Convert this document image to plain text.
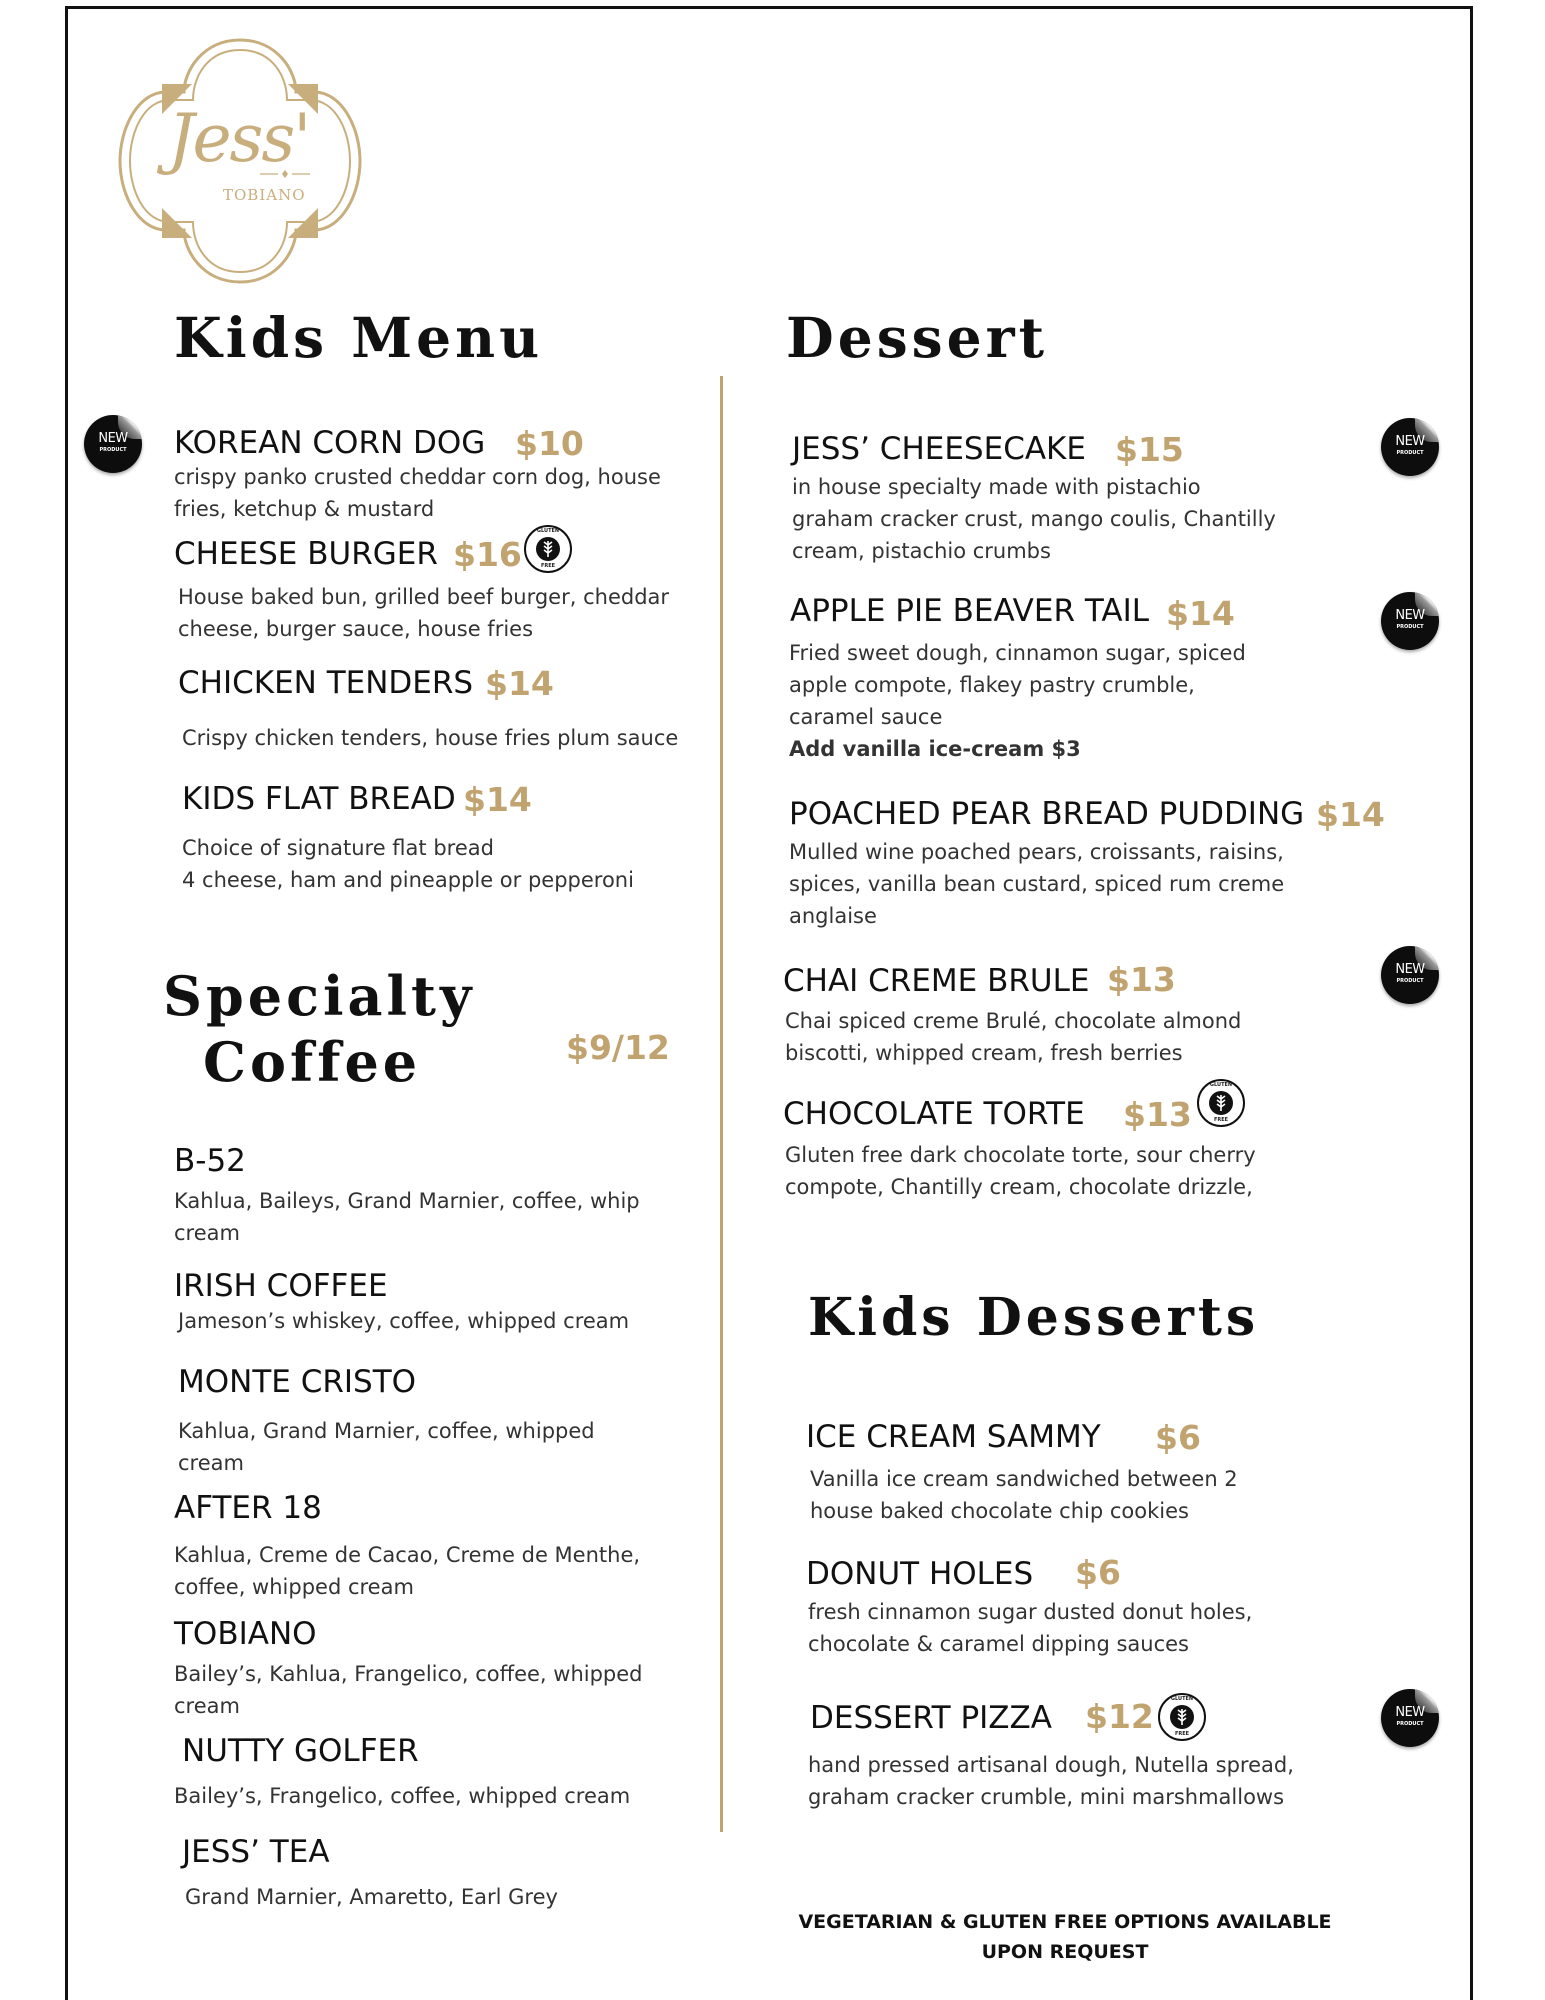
Jess'
TOBIANO
Kids Menu	Dessert
Specialty
Coffee	$9/12
Kids Desserts
KOREAN CORN DOG $10
crispy panko crusted cheddar corn dog, house
fries, ketchup & mustard
CHEESE BURGER $16
House baked bun, grilled beef burger, cheddar
cheese, burger sauce, house fries
CHICKEN TENDERS $14
Crispy chicken tenders, house fries plum sauce
KIDS FLAT BREAD $14
Choice of signature flat bread
4 cheese, ham and pineapple or pepperoni
B-52
Kahlua, Baileys, Grand Marnier, coffee, whip
cream
IRISH COFFEE
Jameson’s whiskey, coffee, whipped cream
MONTE CRISTO
Kahlua, Grand Marnier, coffee, whipped
cream
AFTER 18
Kahlua, Creme de Cacao, Creme de Menthe,
coffee, whipped cream
TOBIANO
Bailey’s, Kahlua, Frangelico, coffee, whipped
cream
NUTTY GOLFER
Bailey’s, Frangelico, coffee, whipped cream
JESS’ TEA
Grand Marnier, Amaretto, Earl Grey
JESS’ CHEESECAKE $15
in house specialty made with pistachio
graham cracker crust, mango coulis, Chantilly
cream, pistachio crumbs
APPLE PIE BEAVER TAIL $14
Fried sweet dough, cinnamon sugar, spiced
apple compote, flakey pastry crumble,
caramel sauce
Add vanilla ice-cream $3
POACHED PEAR BREAD PUDDING $14
Mulled wine poached pears, croissants, raisins,
spices, vanilla bean custard, spiced rum creme
anglaise
CHAI CREME BRULE $13
Chai spiced creme Brulé, chocolate almond
biscotti, whipped cream, fresh berries
CHOCOLATE TORTE $13
Gluten free dark chocolate torte, sour cherry
compote, Chantilly cream, chocolate drizzle,
ICE CREAM SAMMY $6
Vanilla ice cream sandwiched between 2
house baked chocolate chip cookies
DONUT HOLES $6
fresh cinnamon sugar dusted donut holes,
chocolate & caramel dipping sauces
DESSERT PIZZA $12
hand pressed artisanal dough, Nutella spread,
graham cracker crumble, mini marshmallows
NEW
PRODUCT
NEW
PRODUCT
NEW
PRODUCT
NEW
PRODUCT
NEW
PRODUCT
GLUTEN
FREE
GLUTEN
FREE
GLUTEN
FREE
VEGETARIAN & GLUTEN FREE OPTIONS AVAILABLE
UPON REQUEST
